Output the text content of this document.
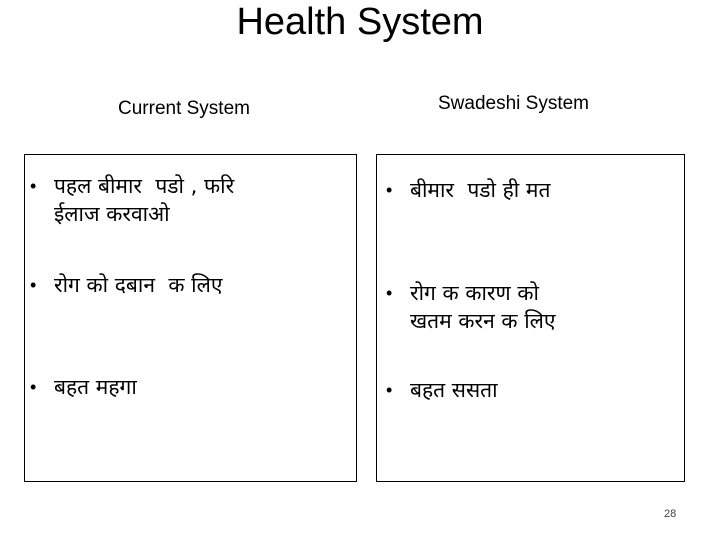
Health System
Current System	Swadeshi System
• पहल बीमार  पडो , फरि
ईलाज करवाओ
• रोग को दबान  क लिए
• बहत महगा
• बीमार  पडो ही मत
• रोग क कारण को
खतम करन क लिए
• बहत ससता
28
